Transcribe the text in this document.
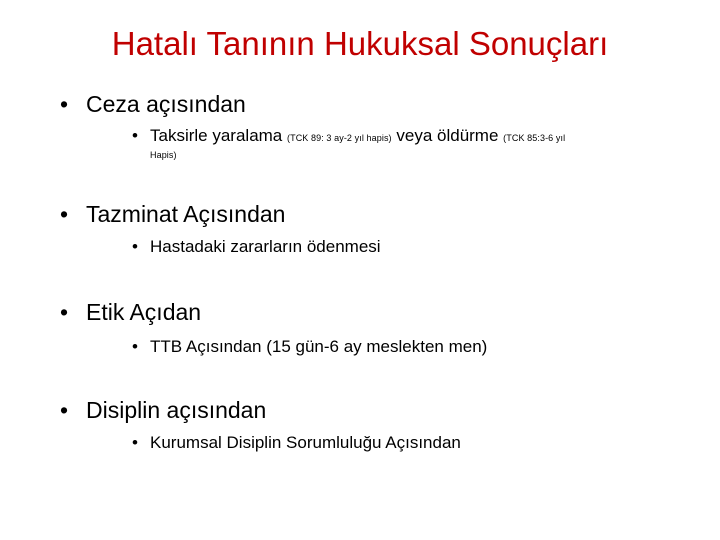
Hatalı Tanının Hukuksal Sonuçları
• Ceza açısından
• Taksirle yaralama (TCK 89: 3 ay-2 yıl hapis) veya öldürme (TCK 85:3-6 yıl
Hapis)
• Tazminat Açısından
• Hastadaki zararların ödenmesi
• Etik Açıdan
• TTB Açısından (15 gün-6 ay meslekten men)
• Disiplin açısından
• Kurumsal Disiplin Sorumluluğu Açısından
